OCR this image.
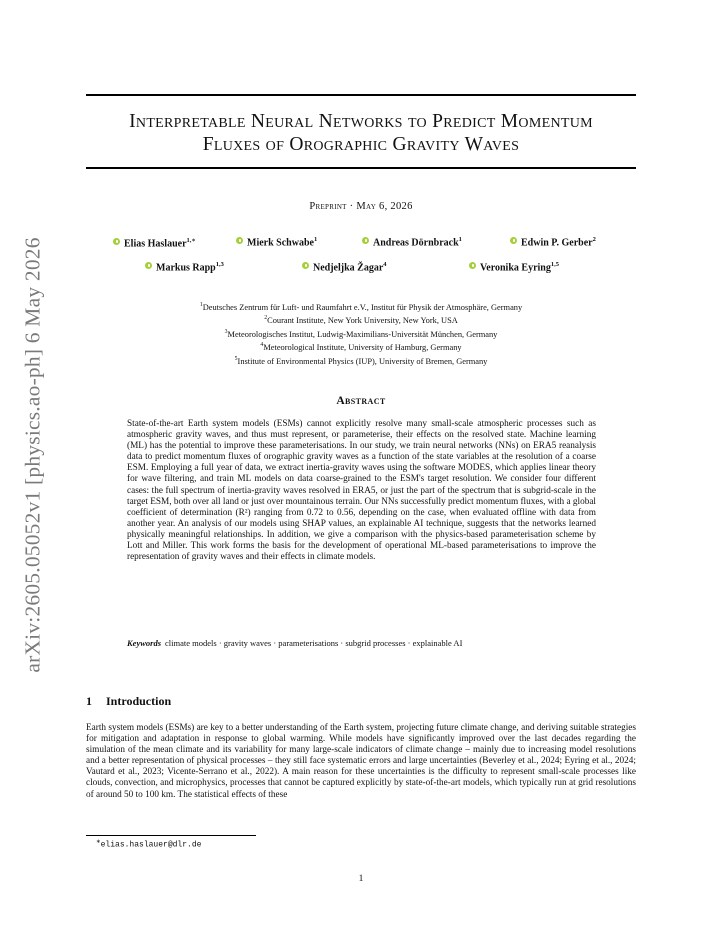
arXiv:2605.05052v1 [physics.ao-ph] 6 May 2026
Interpretable Neural Networks to Predict Momentum
Fluxes of Orographic Gravity Waves
Preprint · May 6, 2026
Elias Haslauer$^{1,∗}$	Mierk Schwabe$^1$	Andreas Dörnbrack$^1$	Edwin P. Gerber$^2$
Markus Rapp$^{1,3}$	Nedjeljka Žagar$^4$	Veronika Eyring$^{1,5}$
$^1$Deutsches Zentrum für Luft- und Raumfahrt e.V., Institut für Physik der Atmosphäre, Germany
$^2$Courant Institute, New York University, New York, USA
$^3$Meteorologisches Institut, Ludwig-Maximilians-Universität München, Germany
$^4$Meteorological Institute, University of Hamburg, Germany
$^5$Institute of Environmental Physics (IUP), University of Bremen, Germany
Abstract
State-of-the-art Earth system models (ESMs) cannot explicitly resolve many small-scale atmospheric processes such as atmospheric gravity waves, and thus must represent, or parameterise, their effects on the resolved state. Machine learning (ML) has the potential to improve these parameterisations. In our study, we train neural networks (NNs) on ERA5 reanalysis data to predict momentum fluxes of orographic gravity waves as a function of the state variables at the resolution of a coarse ESM. Employing a full year of data, we extract inertia-gravity waves using the software MODES, which applies linear theory for wave filtering, and train ML models on data coarse-grained to the ESM's target resolution. We consider four different cases: the full spectrum of inertia-gravity waves resolved in ERA5, or just the part of the spectrum that is subgrid-scale in the target ESM, both over all land or just over mountainous terrain. Our NNs successfully predict momentum fluxes, with a global coefficient of determination (R²) ranging from 0.72 to 0.56, depending on the case, when evaluated offline with data from another year. An analysis of our models using SHAP values, an explainable AI technique, suggests that the networks learned physically meaningful relationships. In addition, we give a comparison with the physics-based parameterisation scheme by Lott and Miller. This work forms the basis for the development of operational ML-based parameterisations to improve the representation of gravity waves and their effects in climate models.
Keywords climate models · gravity waves · parameterisations · subgrid processes · explainable AI
1 Introduction
Earth system models (ESMs) are key to a better understanding of the Earth system, projecting future climate change, and deriving suitable strategies for mitigation and adaptation in response to global warming. While models have significantly improved over the last decades regarding the simulation of the mean climate and its variability for many large-scale indicators of climate change – mainly due to increasing model resolutions and a better representation of physical processes – they still face systematic errors and large uncertainties (Beverley et al., 2024; Eyring et al., 2024; Vautard et al., 2023; Vicente-Serrano et al., 2022). A main reason for these uncertainties is the difficulty to represent small-scale processes like clouds, convection, and microphysics, processes that cannot be captured explicitly by state-of-the-art models, which typically run at grid resolutions of around 50 to 100 km. The statistical effects of these
∗elias.haslauer@dlr.de
1
